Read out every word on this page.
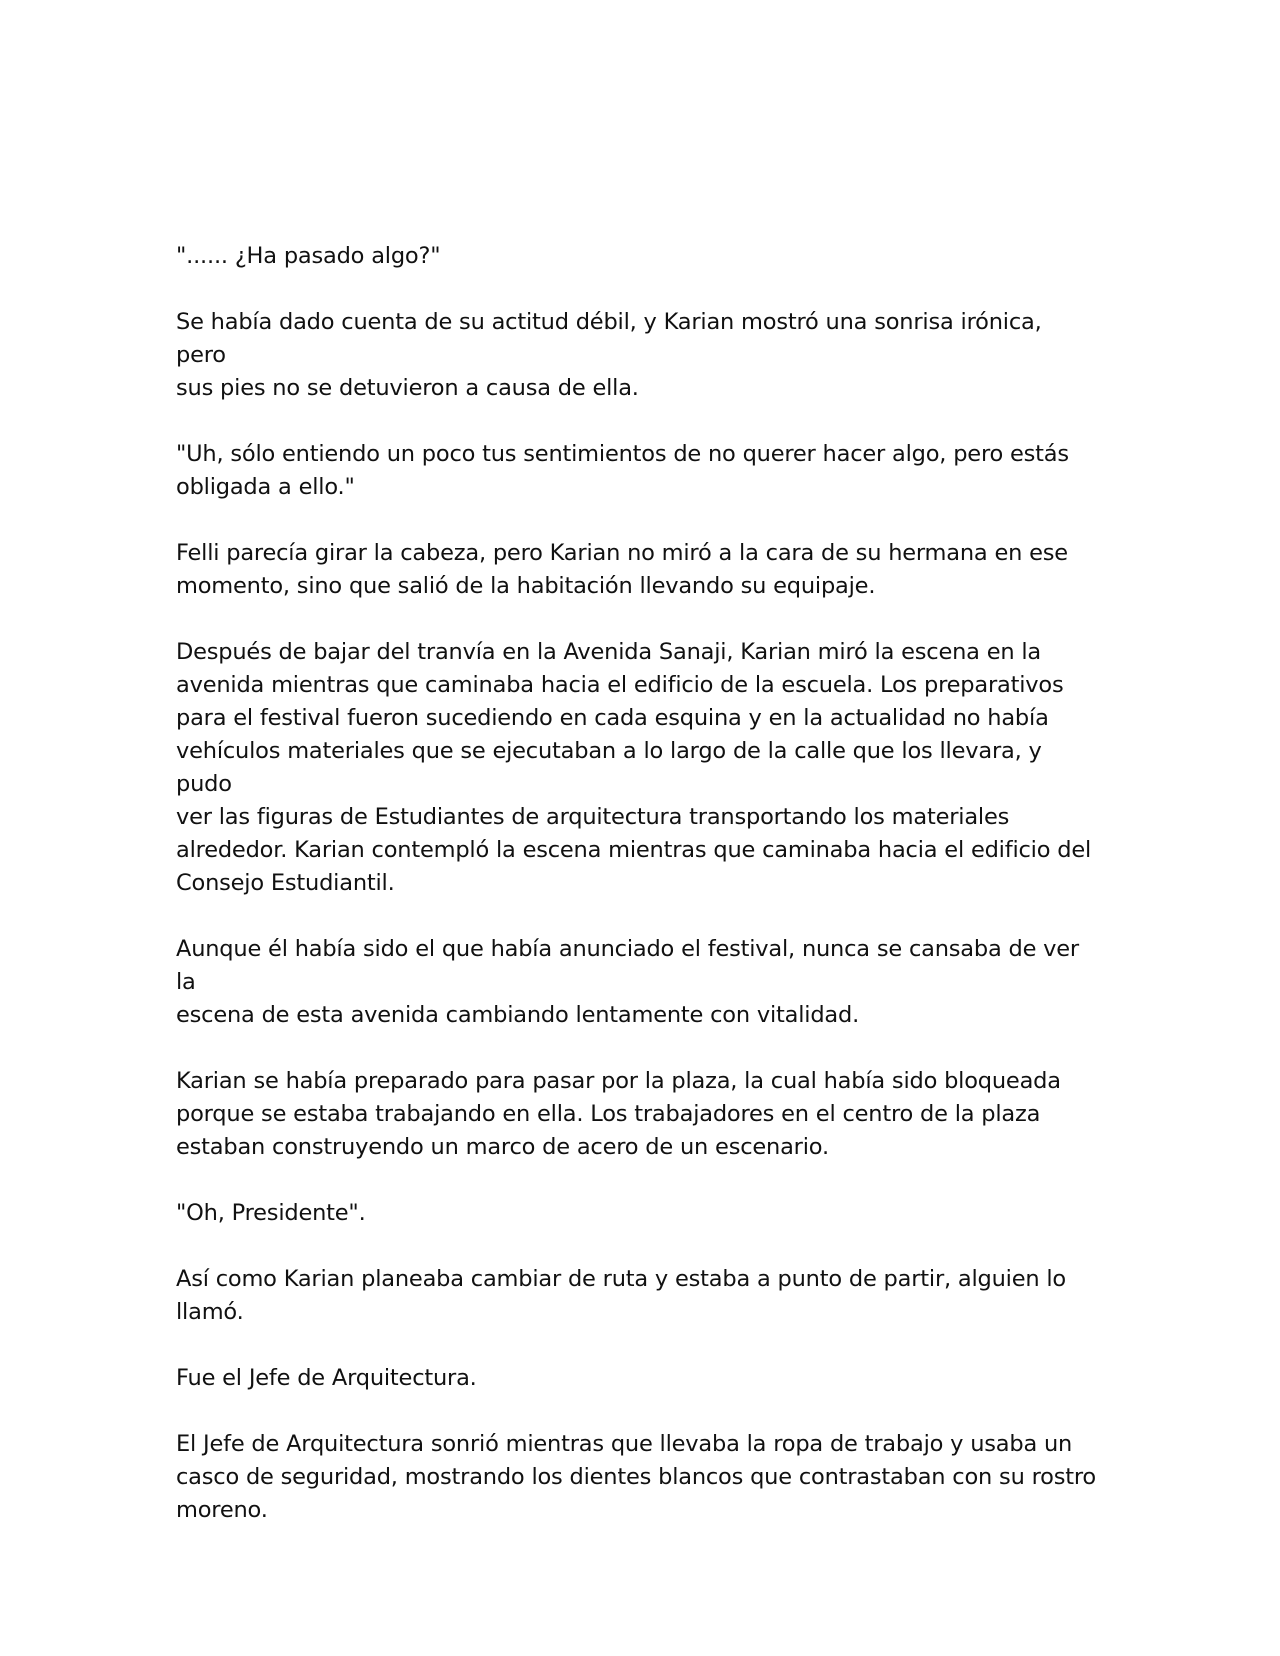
"...... ¿Ha pasado algo?"

Se había dado cuenta de su actitud débil, y Karian mostró una sonrisa irónica, pero
sus pies no se detuvieron a causa de ella.

"Uh, sólo entiendo un poco tus sentimientos de no querer hacer algo, pero estás
obligada a ello."

Felli parecía girar la cabeza, pero Karian no miró a la cara de su hermana en ese
momento, sino que salió de la habitación llevando su equipaje.

Después de bajar del tranvía en la Avenida Sanaji, Karian miró la escena en la
avenida mientras que caminaba hacia el edificio de la escuela. Los preparativos
para el festival fueron sucediendo en cada esquina y en la actualidad no había
vehículos materiales que se ejecutaban a lo largo de la calle que los llevara, y pudo
ver las figuras de Estudiantes de arquitectura transportando los materiales
alrededor. Karian contempló la escena mientras que caminaba hacia el edificio del
Consejo Estudiantil.

Aunque él había sido el que había anunciado el festival, nunca se cansaba de ver la
escena de esta avenida cambiando lentamente con vitalidad.

Karian se había preparado para pasar por la plaza, la cual había sido bloqueada
porque se estaba trabajando en ella. Los trabajadores en el centro de la plaza
estaban construyendo un marco de acero de un escenario.

"Oh, Presidente".

Así como Karian planeaba cambiar de ruta y estaba a punto de partir, alguien lo
llamó.

Fue el Jefe de Arquitectura.

El Jefe de Arquitectura sonrió mientras que llevaba la ropa de trabajo y usaba un
casco de seguridad, mostrando los dientes blancos que contrastaban con su rostro
moreno.
